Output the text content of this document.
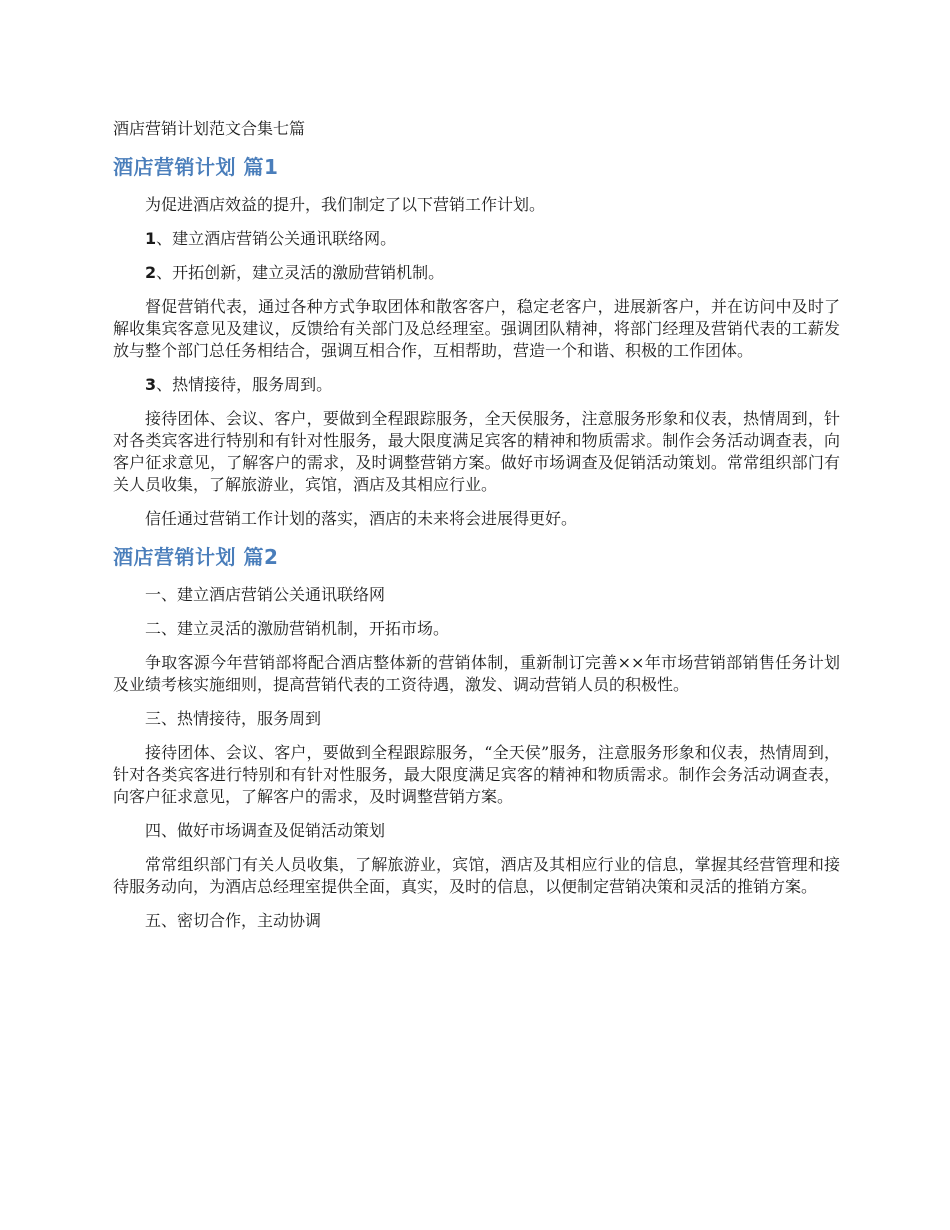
酒店营销计划范文合集七篇
酒店营销计划 篇1

为促进酒店效益的提升，我们制定了以下营销工作计划。

1、建立酒店营销公关通讯联络网。

2、开拓创新，建立灵活的激励营销机制。

督促营销代表，通过各种方式争取团体和散客客户，稳定老客户，进展新客户，并在访问中及时了解收集宾客意见及建议，反馈给有关部门及总经理室。强调团队精神，将部门经理及营销代表的工薪发放与整个部门总任务相结合，强调互相合作，互相帮助，营造一个和谐、积极的工作团体。

3、热情接待，服务周到。

接待团体、会议、客户，要做到全程跟踪服务，全天侯服务，注意服务形象和仪表，热情周到，针对各类宾客进行特别和有针对性服务，最大限度满足宾客的精神和物质需求。制作会务活动调查表，向客户征求意见，了解客户的需求，及时调整营销方案。做好市场调查及促销活动策划。常常组织部门有关人员收集，了解旅游业，宾馆，酒店及其相应行业。

信任通过营销工作计划的落实，酒店的未来将会进展得更好。

酒店营销计划 篇2

一、建立酒店营销公关通讯联络网

二、建立灵活的激励营销机制，开拓市场。

争取客源今年营销部将配合酒店整体新的营销体制，重新制订完善××年市场营销部销售任务计划及业绩考核实施细则，提高营销代表的工资待遇，激发、调动营销人员的积极性。

三、热情接待，服务周到

接待团体、会议、客户，要做到全程跟踪服务，“全天侯”服务，注意服务形象和仪表，热情周到，针对各类宾客进行特别和有针对性服务，最大限度满足宾客的精神和物质需求。制作会务活动调查表，向客户征求意见，了解客户的需求，及时调整营销方案。

四、做好市场调查及促销活动策划

常常组织部门有关人员收集，了解旅游业，宾馆，酒店及其相应行业的信息，掌握其经营管理和接待服务动向，为酒店总经理室提供全面，真实，及时的信息，以便制定营销决策和灵活的推销方案。

五、密切合作，主动协调
